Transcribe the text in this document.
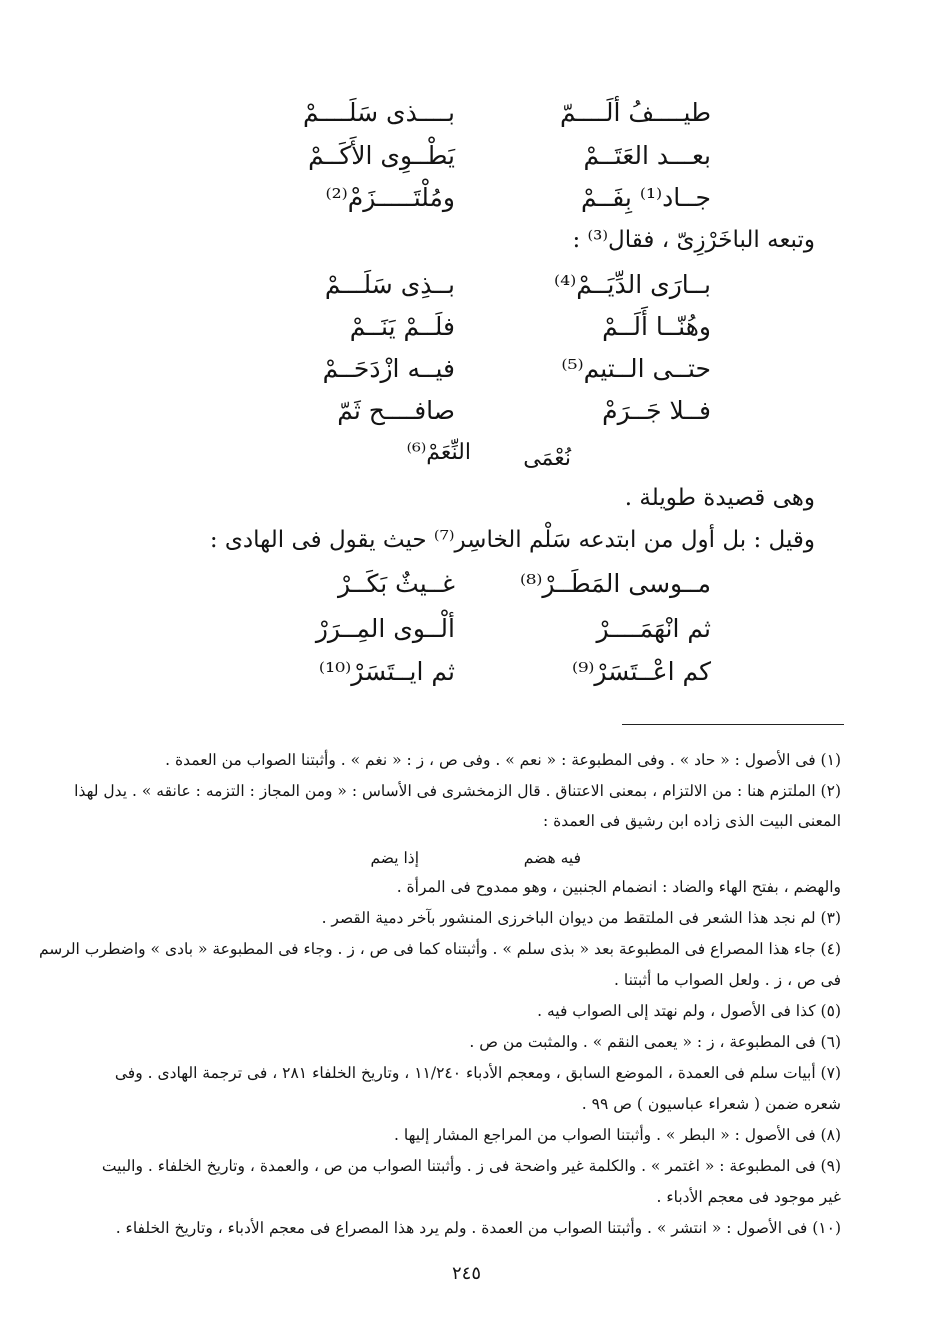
طيــــفُ ألَــــمّ
بــــذى سَلَــــمْ
بعـــد العَتَــمْ
يَطْــوِى الأَكَــمْ
جــاد⁽¹⁾ بِفَــمْ
ومُلْتَـــــزَمْ⁽²⁾
وتبعه الباخَرْزِىّ ، فقال⁽³⁾ :
بــارَى الدِّيَــمْ⁽⁴⁾
بــذِى سَلَـــمْ
وهُنّــا أَلَــمْ
فلَــمْ يَنَــمْ
حتــى الــتيم⁽⁵⁾
فيــه ازْدَحَــمْ
فــلا جَــرَمْ
صافــــح ثَمّ
نُعْمَى
النِّعَمْ⁽⁶⁾
وهى قصيدة طويلة .
وقيل : بل أول من ابتدعه سَلْم الخاسِر⁽⁷⁾ حيث يقول فى الهادى :
مــوسى المَطَــرْ⁽⁸⁾
غــيثٌ بَكَــرْ
ثم انْهَمَــــرْ
ألْــوى المِــرَرْ
كم اعْــتَسَرْ⁽⁹⁾
ثم ايــتَسَرْ⁽¹⁰⁾
(١) فى الأصول : « حاد » . وفى المطبوعة : « نعم » . وفى ص ، ز : « نغم » . وأثبتنا الصواب من العمدة .
(٢) الملتزم هنا : من الالتزام ، بمعنى الاعتناق . قال الزمخشرى فى الأساس : « ومن المجاز : التزمه : عانقه » . يدل لهذا
المعنى البيت الذى زاده ابن رشيق فى العمدة :
فيه هضم
إذا يضم
والهضم ، بفتح الهاء والضاد : انضمام الجنبين ، وهو ممدوح فى المرأة .
(٣) لم نجد هذا الشعر فى الملتقط من ديوان الباخرزى المنشور بآخر دمية القصر .
(٤) جاء هذا المصراع فى المطبوعة بعد « بذى سلم » . وأثبتناه كما فى ص ، ز . وجاء فى المطبوعة « بادى » واضطرب الرسم
فى ص ، ز . ولعل الصواب ما أثبتنا .
(٥) كذا فى الأصول ، ولم نهتد إلى الصواب فيه .
(٦) فى المطبوعة ، ز : « يعمى النقم » . والمثبت من ص .
(٧) أبيات سلم فى العمدة ، الموضع السابق ، ومعجم الأدباء ١١/٢٤٠ ، وتاريخ الخلفاء ٢٨١ ، فى ترجمة الهادى . وفى
شعره ضمن ( شعراء عباسيون ) ص ٩٩ .
(٨) فى الأصول : « البطر » . وأثبتنا الصواب من المراجع المشار إليها .
(٩) فى المطبوعة : « اغتمر » . والكلمة غير واضحة فى ز . وأثبتنا الصواب من ص ، والعمدة ، وتاريخ الخلفاء . والبيت
غير موجود فى معجم الأدباء .
(١٠) فى الأصول : « انتشر » . وأثبتنا الصواب من العمدة . ولم يرد هذا المصراع فى معجم الأدباء ، وتاريخ الخلفاء .
٢٤٥
